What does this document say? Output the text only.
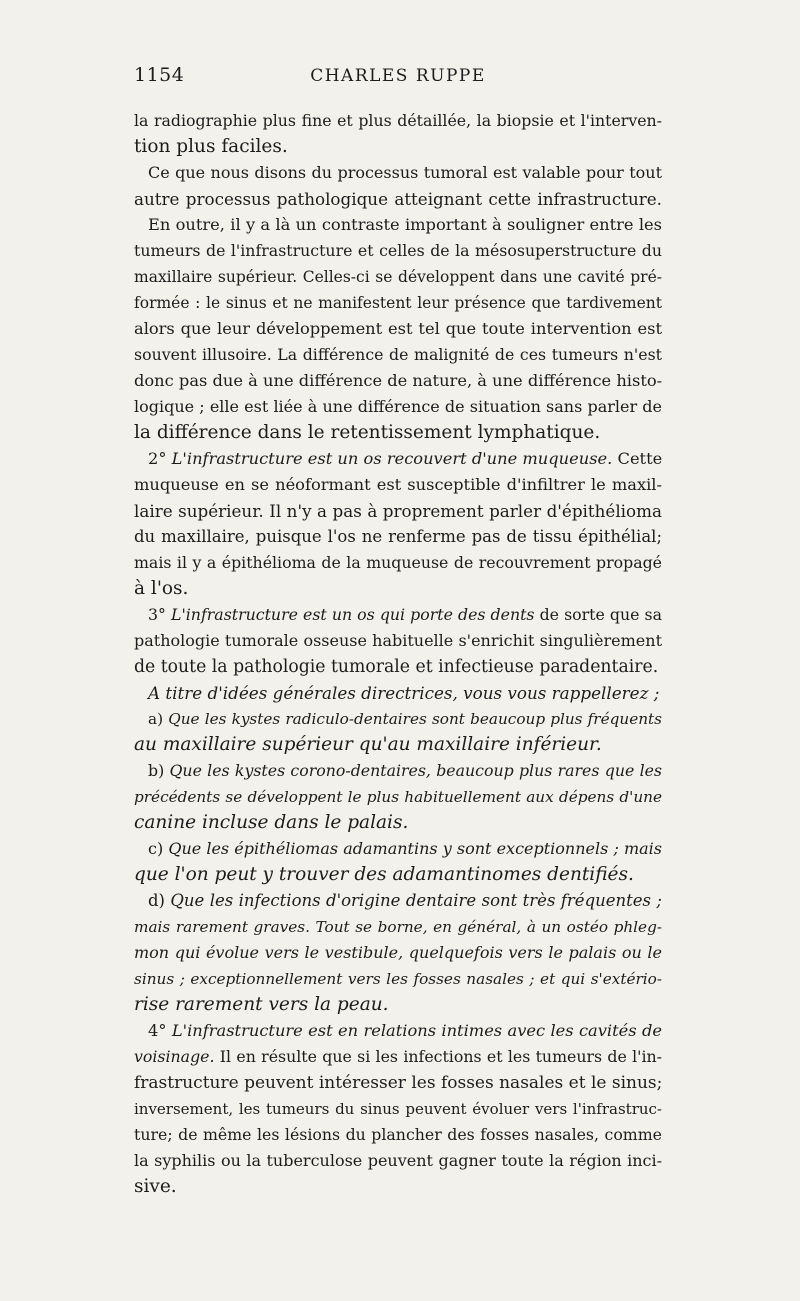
1154	CHARLES RUPPE
la radiographie plus fine et plus détaillée, la biopsie et l'interven-
tion plus faciles.
Ce que nous disons du processus tumoral est valable pour tout
autre processus pathologique atteignant cette infrastructure.
En outre, il y a là un contraste important à souligner entre les
tumeurs de l'infrastructure et celles de la mésosuperstructure du
maxillaire supérieur. Celles-ci se développent dans une cavité pré-
formée : le sinus et ne manifestent leur présence que tardivement
alors que leur développement est tel que toute intervention est
souvent illusoire. La différence de malignité de ces tumeurs n'est
donc pas due à une différence de nature, à une différence histo-
logique ; elle est liée à une différence de situation sans parler de
la différence dans le retentissement lymphatique.
2° L'infrastructure est un os recouvert d'une muqueuse. Cette
muqueuse en se néoformant est susceptible d'infiltrer le maxil-
laire supérieur. Il n'y a pas à proprement parler d'épithélioma
du maxillaire, puisque l'os ne renferme pas de tissu épithélial;
mais il y a épithélioma de la muqueuse de recouvrement propagé
à l'os.
3° L'infrastructure est un os qui porte des dents de sorte que sa
pathologie tumorale osseuse habituelle s'enrichit singulièrement
de toute la pathologie tumorale et infectieuse paradentaire.
A titre d'idées générales directrices, vous vous rappellerez ;
a) Que les kystes radiculo-dentaires sont beaucoup plus fréquents
au maxillaire supérieur qu'au maxillaire inférieur.
b) Que les kystes corono-dentaires, beaucoup plus rares que les
précédents se développent le plus habituellement aux dépens d'une
canine incluse dans le palais.
c) Que les épithéliomas adamantins y sont exceptionnels ; mais
que l'on peut y trouver des adamantinomes dentifiés.
d) Que les infections d'origine dentaire sont très fréquentes ;
mais rarement graves. Tout se borne, en général, à un ostéo phleg-
mon qui évolue vers le vestibule, quelquefois vers le palais ou le
sinus ; exceptionnellement vers les fosses nasales ; et qui s'extério-
rise rarement vers la peau.
4° L'infrastructure est en relations intimes avec les cavités de
voisinage. Il en résulte que si les infections et les tumeurs de l'in-
frastructure peuvent intéresser les fosses nasales et le sinus;
inversement, les tumeurs du sinus peuvent évoluer vers l'infrastruc-
ture; de même les lésions du plancher des fosses nasales, comme
la syphilis ou la tuberculose peuvent gagner toute la région inci-
sive.
